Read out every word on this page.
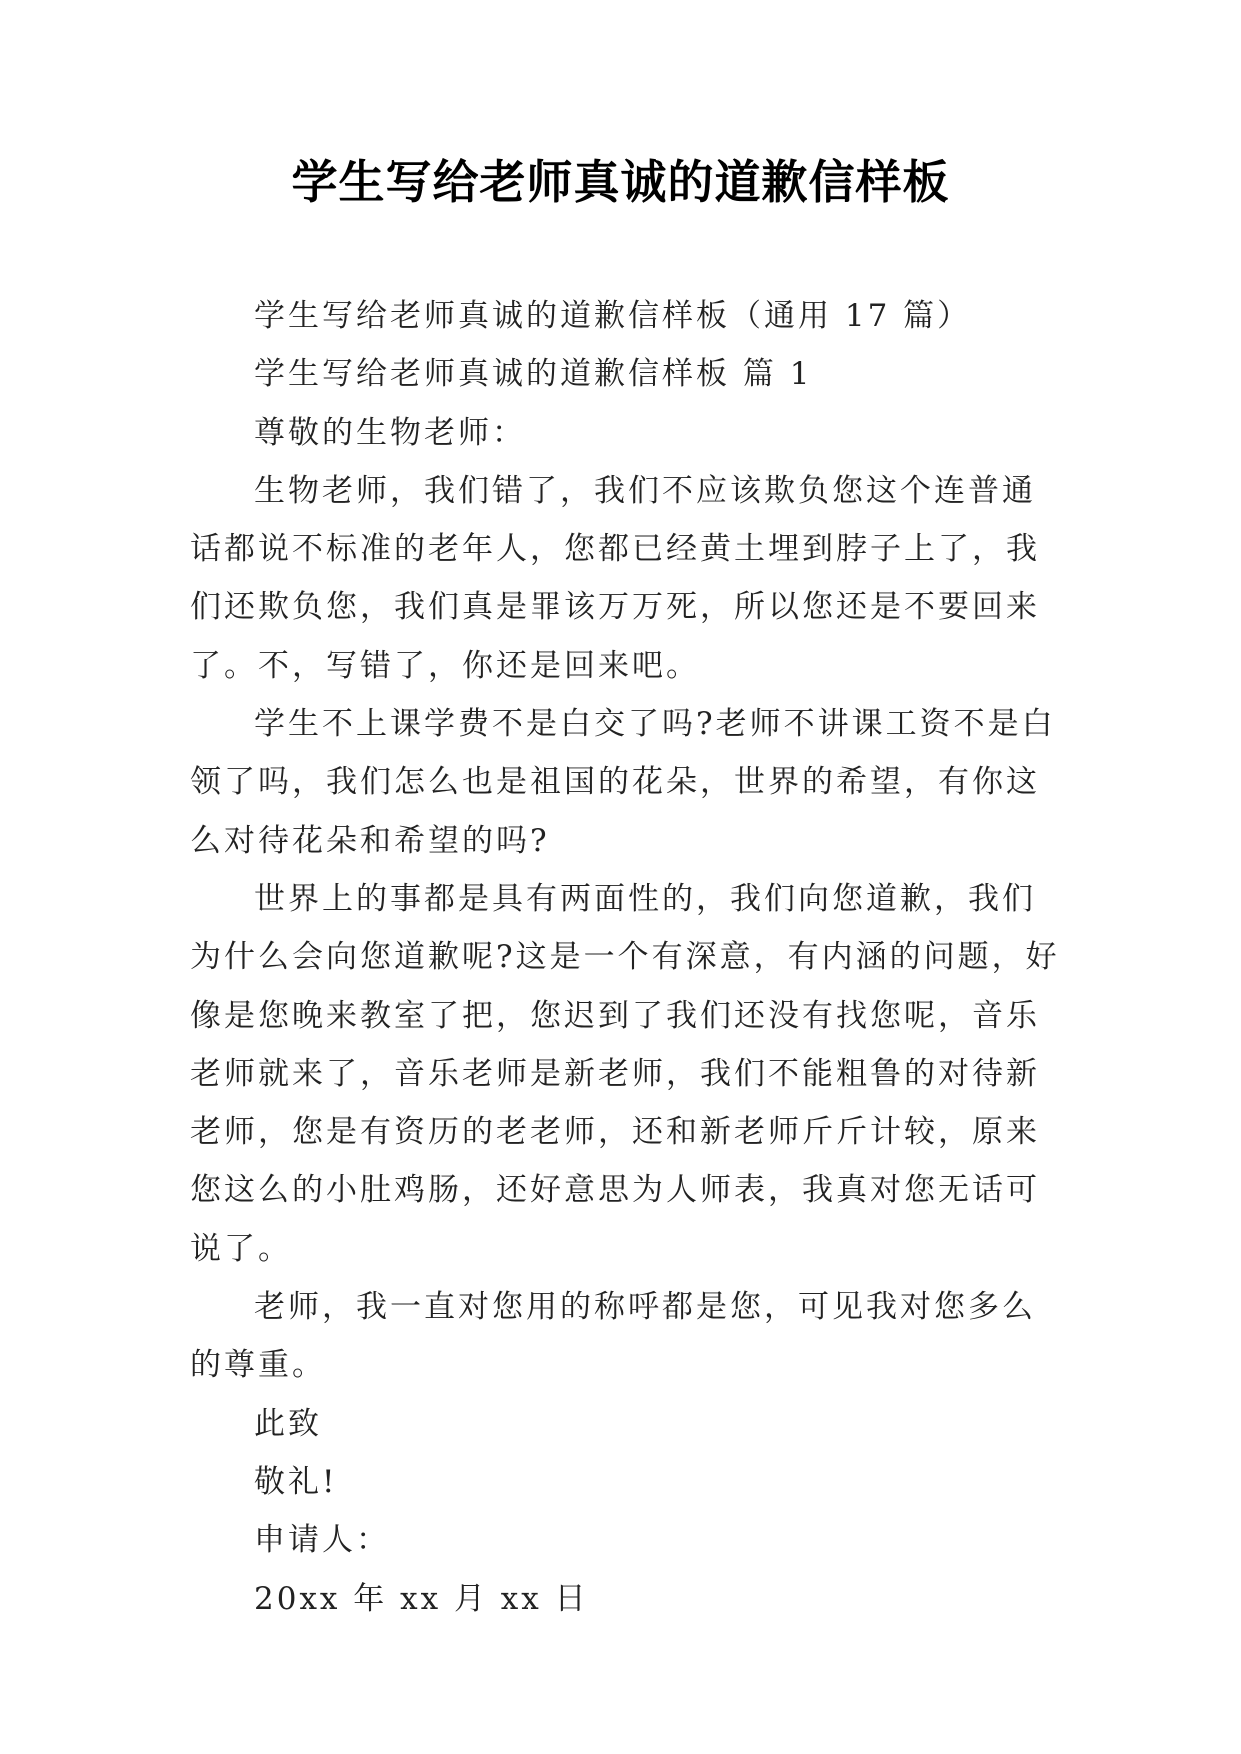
学生写给老师真诚的道歉信样板

学生写给老师真诚的道歉信样板（通用 17 篇）

学生写给老师真诚的道歉信样板 篇 1

尊敬的生物老师：

生物老师，我们错了，我们不应该欺负您这个连普通话都说不标准的老年人，您都已经黄土埋到脖子上了，我们还欺负您，我们真是罪该万万死，所以您还是不要回来了。不，写错了，你还是回来吧。

学生不上课学费不是白交了吗?老师不讲课工资不是白领了吗，我们怎么也是祖国的花朵，世界的希望，有你这么对待花朵和希望的吗?

世界上的事都是具有两面性的，我们向您道歉，我们为什么会向您道歉呢?这是一个有深意，有内涵的问题，好像是您晚来教室了把，您迟到了我们还没有找您呢，音乐老师就来了，音乐老师是新老师，我们不能粗鲁的对待新老师，您是有资历的老老师，还和新老师斤斤计较，原来您这么的小肚鸡肠，还好意思为人师表，我真对您无话可说了。

老师，我一直对您用的称呼都是您，可见我对您多么的尊重。

此致

敬礼!

申请人：

20xx 年 xx 月 xx 日
